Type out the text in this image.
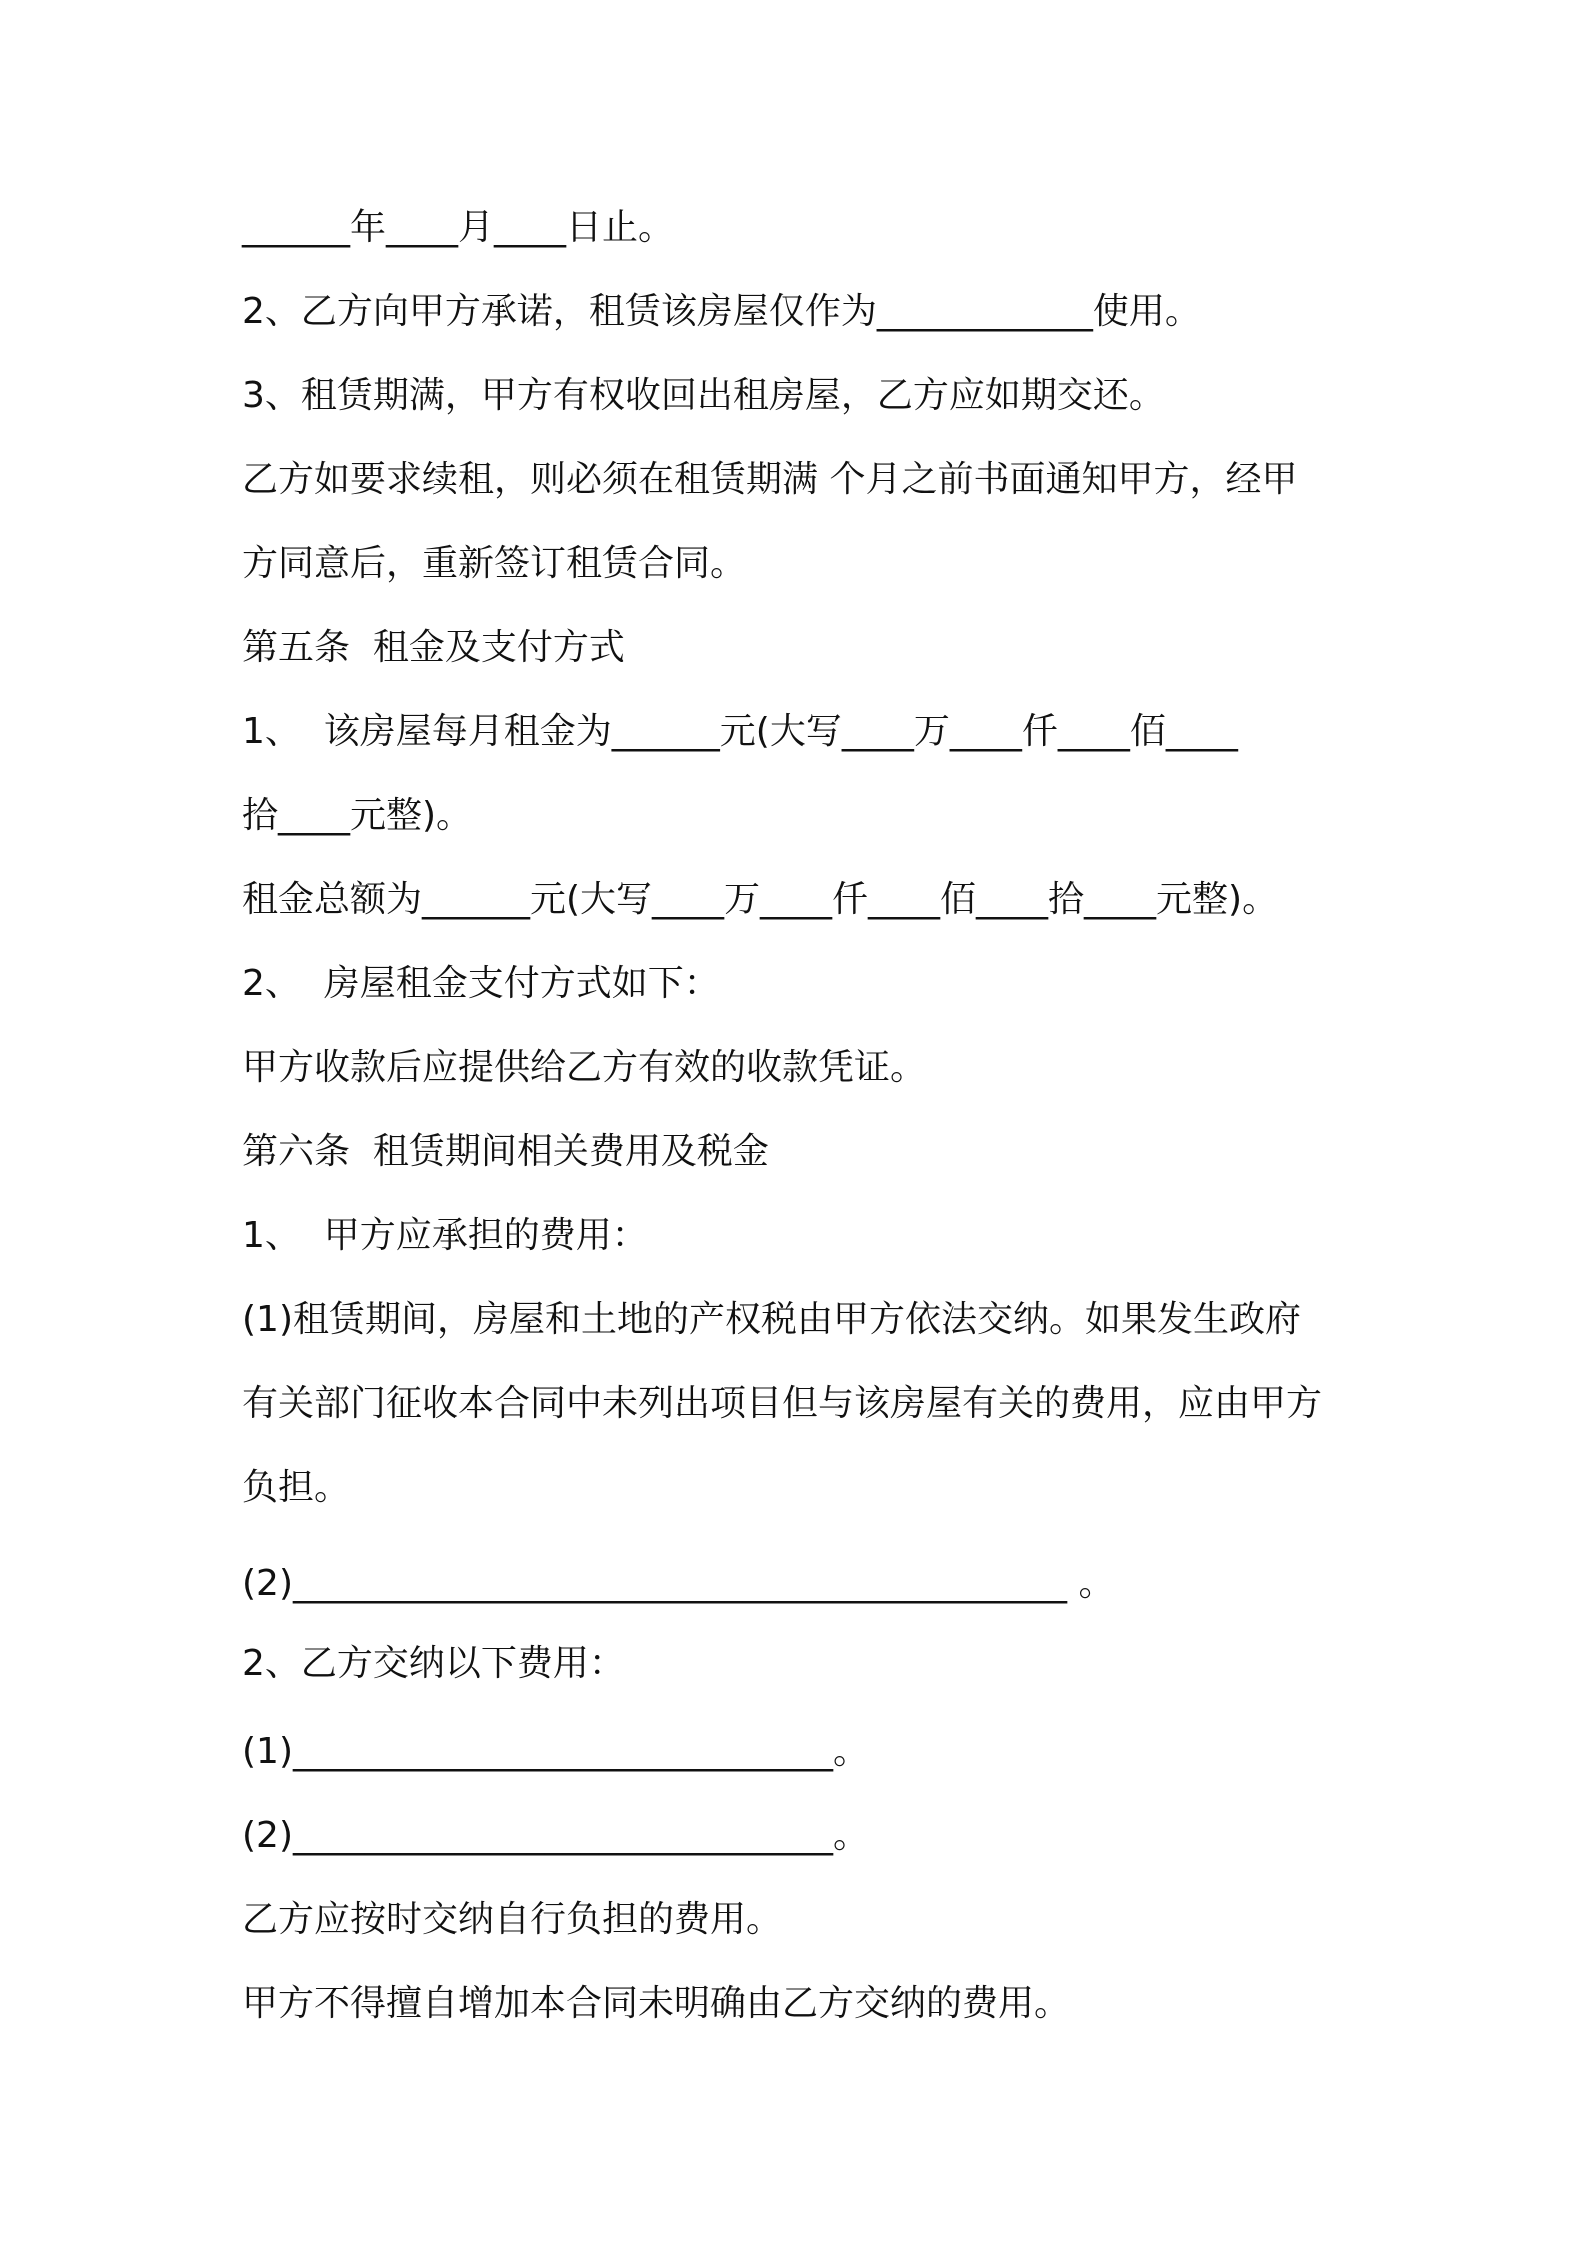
______年____月____日止。
2、乙方向甲方承诺，租赁该房屋仅作为____________使用。
3、租赁期满，甲方有权收回出租房屋，乙方应如期交还。
乙方如要求续租，则必须在租赁期满 个月之前书面通知甲方，经甲
方同意后，重新签订租赁合同。
第五条  租金及支付方式
1、  该房屋每月租金为______元(大写____万____仟____佰____
拾____元整)。
租金总额为______元(大写____万____仟____佰____拾____元整)。
2、  房屋租金支付方式如下：
甲方收款后应提供给乙方有效的收款凭证。
第六条  租赁期间相关费用及税金
1、  甲方应承担的费用：
(1)租赁期间，房屋和土地的产权税由甲方依法交纳。如果发生政府
有关部门征收本合同中未列出项目但与该房屋有关的费用，应由甲方
负担。
(2)___________________________________________ 。
2、乙方交纳以下费用：
(1)______________________________。
(2)______________________________。
乙方应按时交纳自行负担的费用。
甲方不得擅自增加本合同未明确由乙方交纳的费用。
